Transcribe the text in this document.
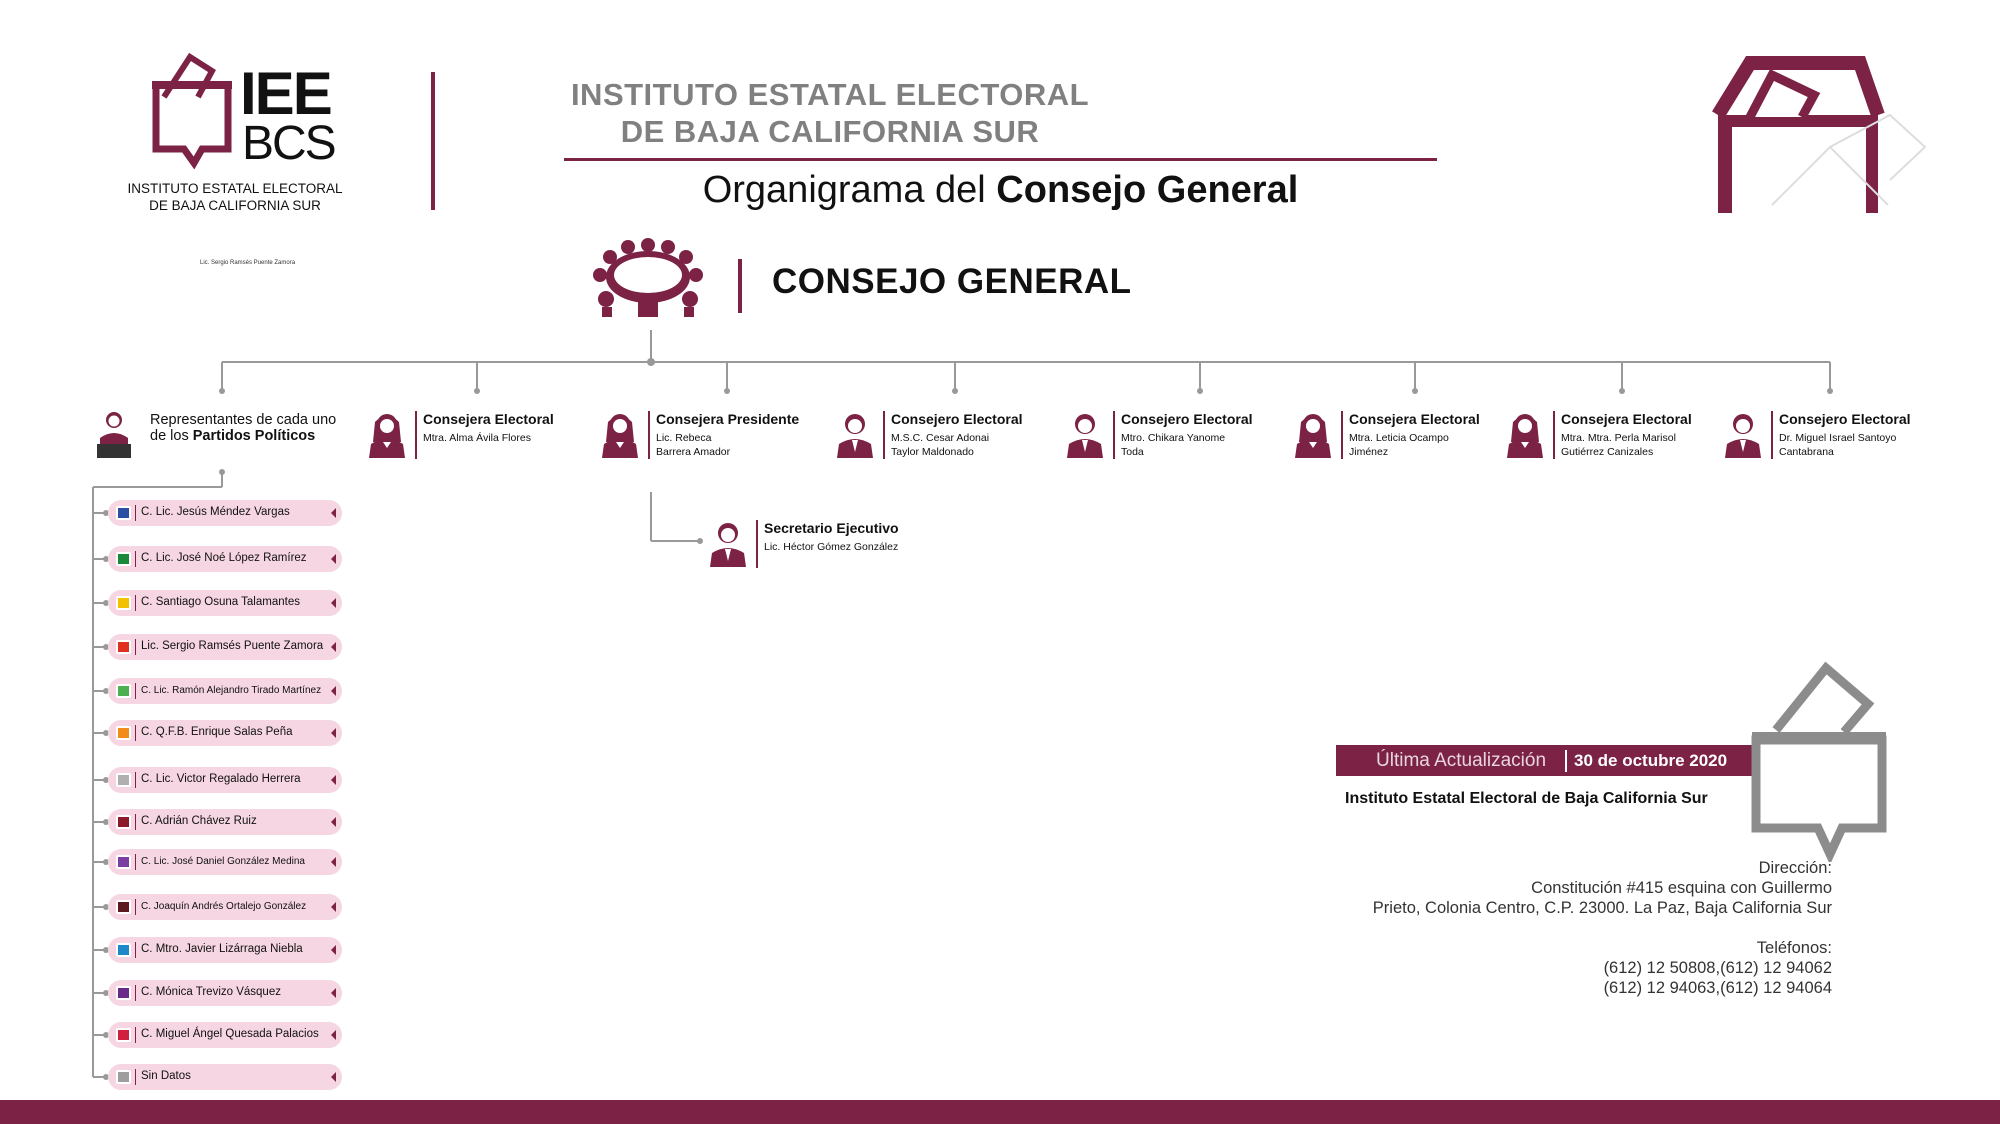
IEE
BCS
INSTITUTO ESTATAL ELECTORAL
DE BAJA CALIFORNIA SUR
Lic. Sergio Ramsés Puente Zamora
INSTITUTO ESTATAL ELECTORAL
DE BAJA CALIFORNIA SUR
Organigrama del Consejo General
CONSEJO GENERAL
Representantes de cada uno
de los Partidos Políticos
Consejera Electoral
Mtra. Alma Ávila Flores
Consejera Presidente
Lic. Rebeca
Barrera Amador
Consejero Electoral
M.S.C. Cesar Adonai
Taylor Maldonado
Consejero Electoral
Mtro. Chikara Yanome
Toda
Consejera Electoral
Mtra. Leticia Ocampo
Jiménez
Consejera Electoral
Mtra. Mtra. Perla Marisol
Gutiérrez Canizales
Consejero Electoral
Dr. Miguel Israel Santoyo
Cantabrana
Secretario Ejecutivo
Lic. Héctor Gómez González
C. Lic. Jesús Méndez Vargas
C. Lic. José Noé López Ramírez
C. Santiago Osuna Talamantes
Lic. Sergio Ramsés Puente Zamora
C. Lic. Ramón Alejandro Tirado Martínez
C. Q.F.B. Enrique Salas Peña
C. Lic. Victor Regalado Herrera
C. Adrián Chávez Ruiz
C. Lic. José Daniel González Medina
C. Joaquín Andrés Ortalejo González
C. Mtro. Javier Lizárraga Niebla
C. Mónica Trevizo Vásquez
C. Miguel Ángel Quesada Palacios
Sin Datos
Última Actualización 30 de octubre 2020
Instituto Estatal Electoral de Baja California Sur
Dirección:
Constitución #415 esquina con Guillermo
Prieto, Colonia Centro, C.P. 23000. La Paz, Baja California Sur
Teléfonos:
(612) 12 50808,(612) 12 94062
(612) 12 94063,(612) 12 94064
